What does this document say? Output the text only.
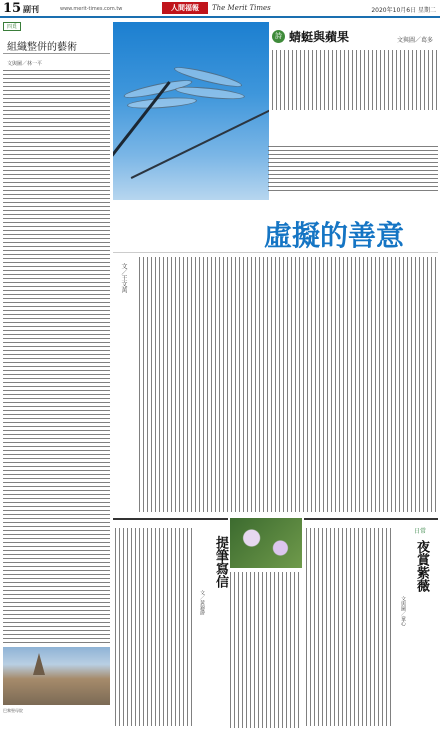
15 副刊	www.merit-times.com.tw	人間福報	The Merit Times	2020年10月6日 星期二
四覓
組織整併的藝術
文與圖／林一平
巴黎聖母院
詩 蜻蜓與蘋果	文與圖／葛多
虛擬的善意
文／王文萬
提筆寫信
文／黃錦爵
日常
夜賞紫薇
文與圖／童心
